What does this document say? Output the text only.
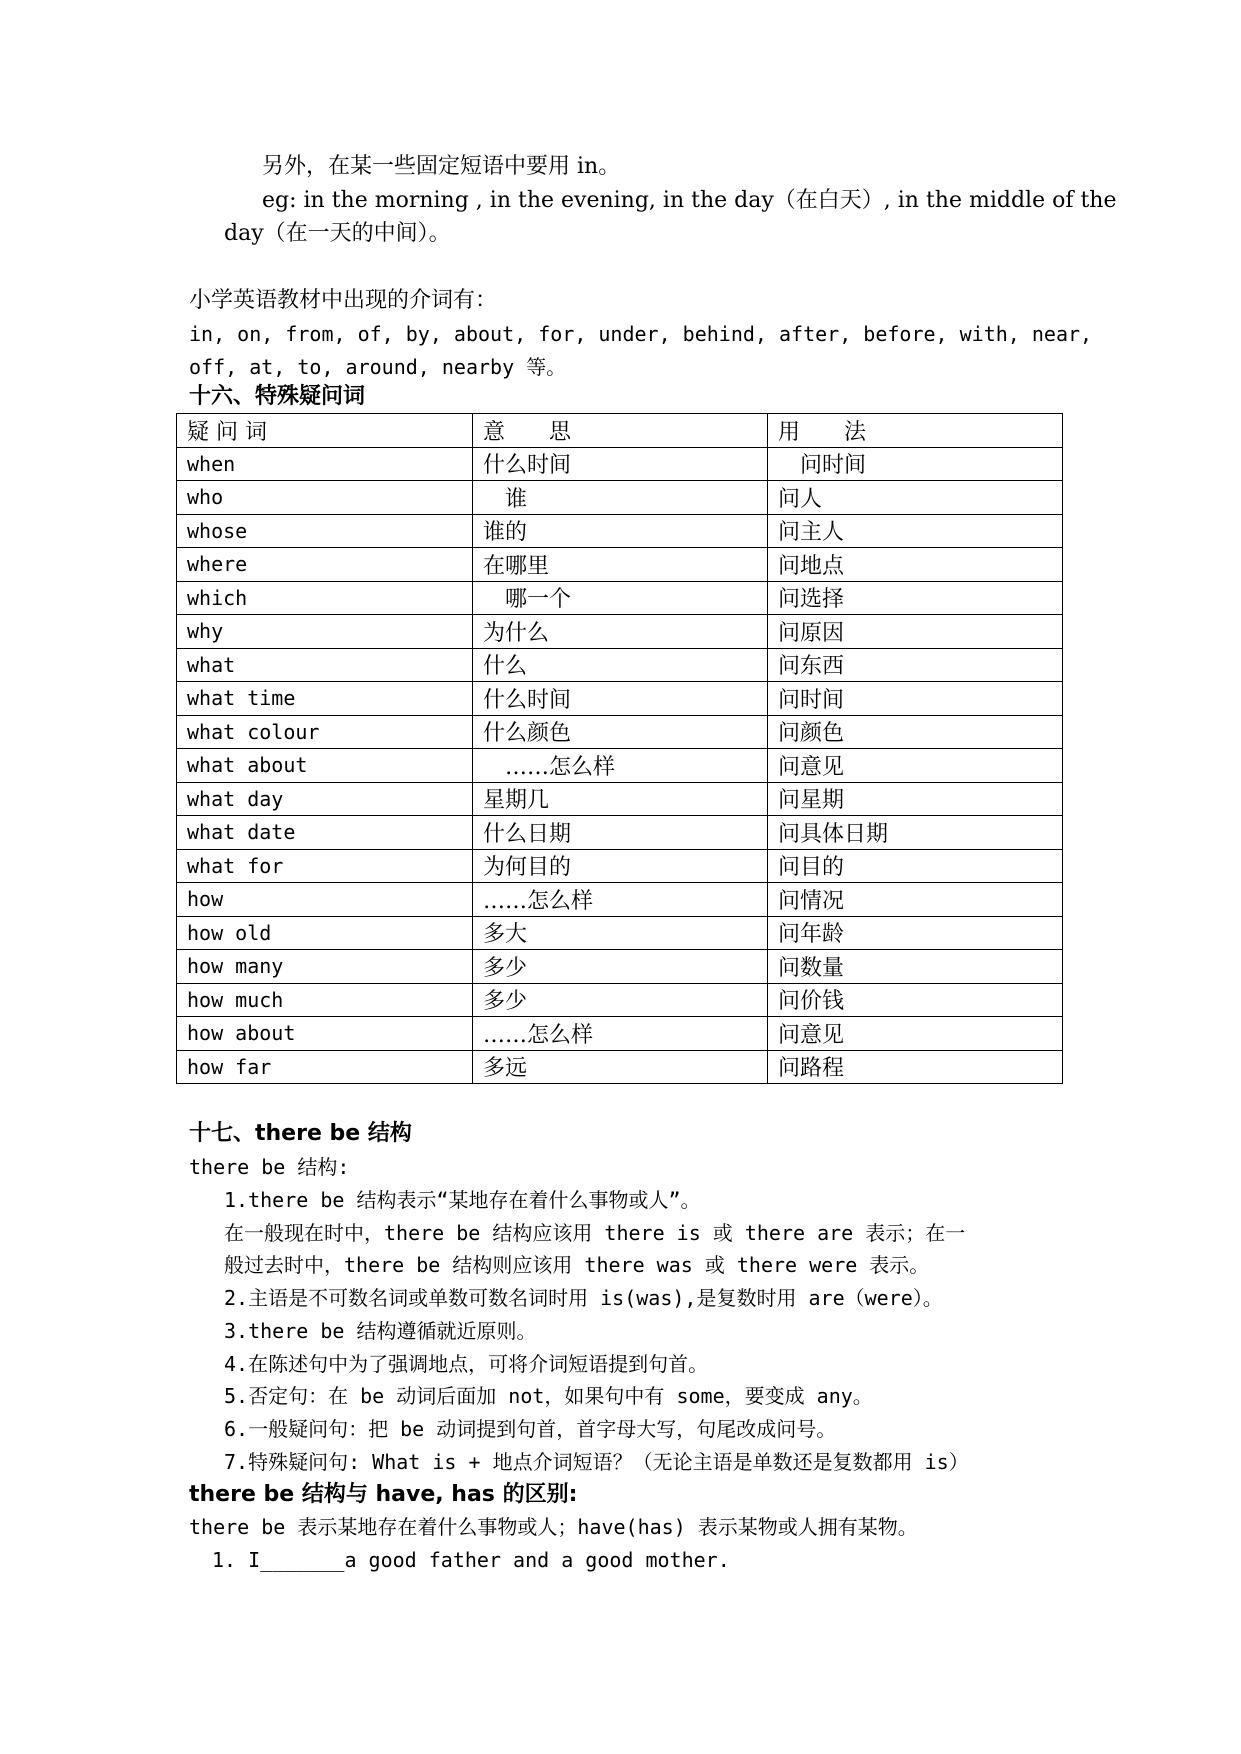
另外，在某一些固定短语中要用 in。
eg: in the morning , in the evening, in the day（在白天）, in the middle of the
day（在一天的中间）。
小学英语教材中出现的介词有：
in, on, from, of, by, about, for, under, behind, after, before, with, near,
off, at, to, around, nearby 等。
十六、特殊疑问词
疑 问 词	意　　思	用　　法
when	什么时间	　问时间
who	　谁	问人
whose	谁的	问主人
where	在哪里	问地点
which	　哪一个	问选择
why	为什么	问原因
what	什么	问东西
what time	什么时间	问时间
what colour	什么颜色	问颜色
what about	　……怎么样	问意见
what day	星期几	问星期
what date	什么日期	问具体日期
what for	为何目的	问目的
how	……怎么样	问情况
how old	多大	问年龄
how many	多少	问数量
how much	多少	问价钱
how about	……怎么样	问意见
how far	多远	问路程
十七、there be 结构
there be 结构:
1.there be 结构表示“某地存在着什么事物或人”。
在一般现在时中，there be 结构应该用 there is 或 there are 表示；在一
般过去时中，there be 结构则应该用 there was 或 there were 表示。
2.主语是不可数名词或单数可数名词时用 is(was),是复数时用 are（were）。
3.there be 结构遵循就近原则。
4.在陈述句中为了强调地点，可将介词短语提到句首。
5.否定句：在 be 动词后面加 not，如果句中有 some，要变成 any。
6.一般疑问句：把 be 动词提到句首，首字母大写，句尾改成问号。
7.特殊疑问句: What is + 地点介词短语？（无论主语是单数还是复数都用 is）
there be 结构与 have, has 的区别:
there be 表示某地存在着什么事物或人；have(has) 表示某物或人拥有某物。
1. I_______a good father and a good mother.
